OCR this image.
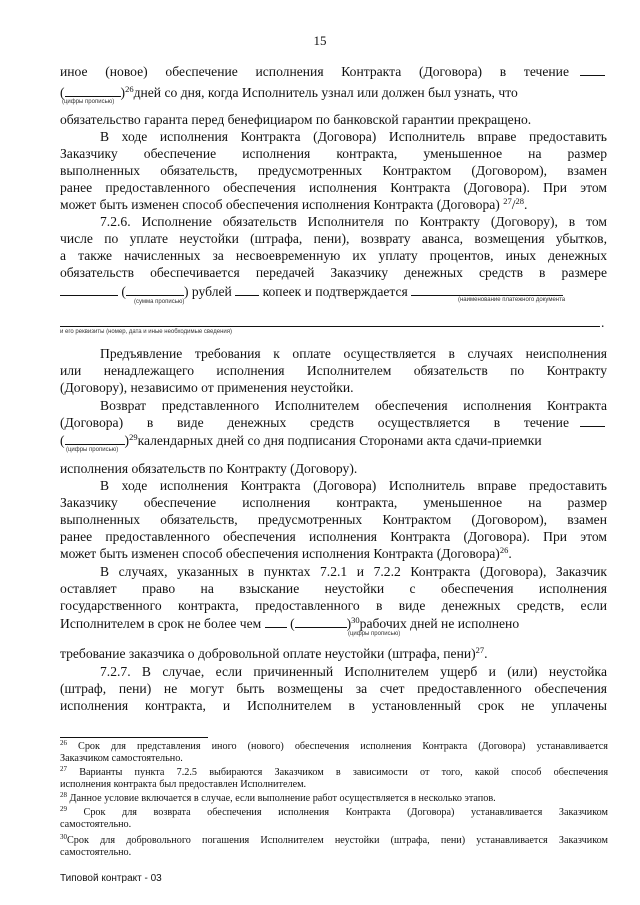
15
иное (новое) обеспечение исполнения Контракта (Договора) в течение
(	)$^{26}$дней со дня, когда Исполнитель узнал или должен был узнать, что
(цифры прописью)
обязательство гаранта перед бенефициаром по банковской гарантии прекращено.
В ходе исполнения Контракта (Договора) Исполнитель вправе предоставить
Заказчику обеспечение исполнения контракта, уменьшенное на размер
выполненных обязательств, предусмотренных Контрактом (Договором), взамен
ранее предоставленного обеспечения исполнения Контракта (Договора). При этом
может быть изменен способ обеспечения исполнения Контракта (Договора) $^{27}$/$^{28}$.
7.2.6. Исполнение обязательств Исполнителя по Контракту (Договору), в том
числе по уплате неустойки (штрафа, пени), возврату аванса, возмещения убытков,
а также начисленных за несвоевременную их уплату процентов, иных денежных
обязательств обеспечивается передачей Заказчику денежных средств в размере
(	) рублей копеек и подтверждается
(сумма прописью)	(наименование платежного документа
.
и его реквизиты (номер, дата и иные необходимые сведения)
Предъявление требования к оплате осуществляется в случаях неисполнения
или ненадлежащего исполнения Исполнителем обязательств по Контракту
(Договору), независимо от применения неустойки.
Возврат представленного Исполнителем обеспечения исполнения Контракта
(Договора) в виде денежных средств осуществляется в течение
(	)$^{29}$календарных дней со дня подписания Сторонами акта сдачи-приемки
(цифры прописью)
исполнения обязательств по Контракту (Договору).
В ходе исполнения Контракта (Договора) Исполнитель вправе предоставить
Заказчику обеспечение исполнения контракта, уменьшенное на размер
выполненных обязательств, предусмотренных Контрактом (Договором), взамен
ранее предоставленного обеспечения исполнения Контракта (Договора). При этом
может быть изменен способ обеспечения исполнения Контракта (Договора)$^{26}$.
В случаях, указанных в пунктах 7.2.1 и 7.2.2 Контракта (Договора), Заказчик
оставляет право на взыскание неустойки с обеспечения исполнения
государственного контракта, предоставленного в виде денежных средств, если
Исполнителем в срок не более чем  (	)$^{30}$рабочих дней не исполнено
(цифры прописью)
требование заказчика о добровольной оплате неустойки (штрафа, пени)$^{27}$.
7.2.7. В случае, если причиненный Исполнителем ущерб и (или) неустойка
(штраф, пени) не могут быть возмещены за счет предоставленного обеспечения
исполнения контракта, и Исполнителем в установленный срок не уплачены
$^{26}$ Срок для представления иного (нового) обеспечения исполнения Контракта (Договора) устанавливается
Заказчиком самостоятельно.
$^{27}$ Варианты пункта 7.2.5 выбираются Заказчиком в зависимости от того, какой способ обеспечения
исполнения контракта был предоставлен Исполнителем.
$^{28}$ Данное условие включается в случае, если выполнение работ осуществляется в несколько этапов.
$^{29}$ Срок для возврата обеспечения исполнения Контракта (Договора) устанавливается Заказчиком
самостоятельно.
$^{30}$Срок для добровольного погашения Исполнителем неустойки (штрафа, пени) устанавливается Заказчиком
самостоятельно.
Типовой контракт - 03
